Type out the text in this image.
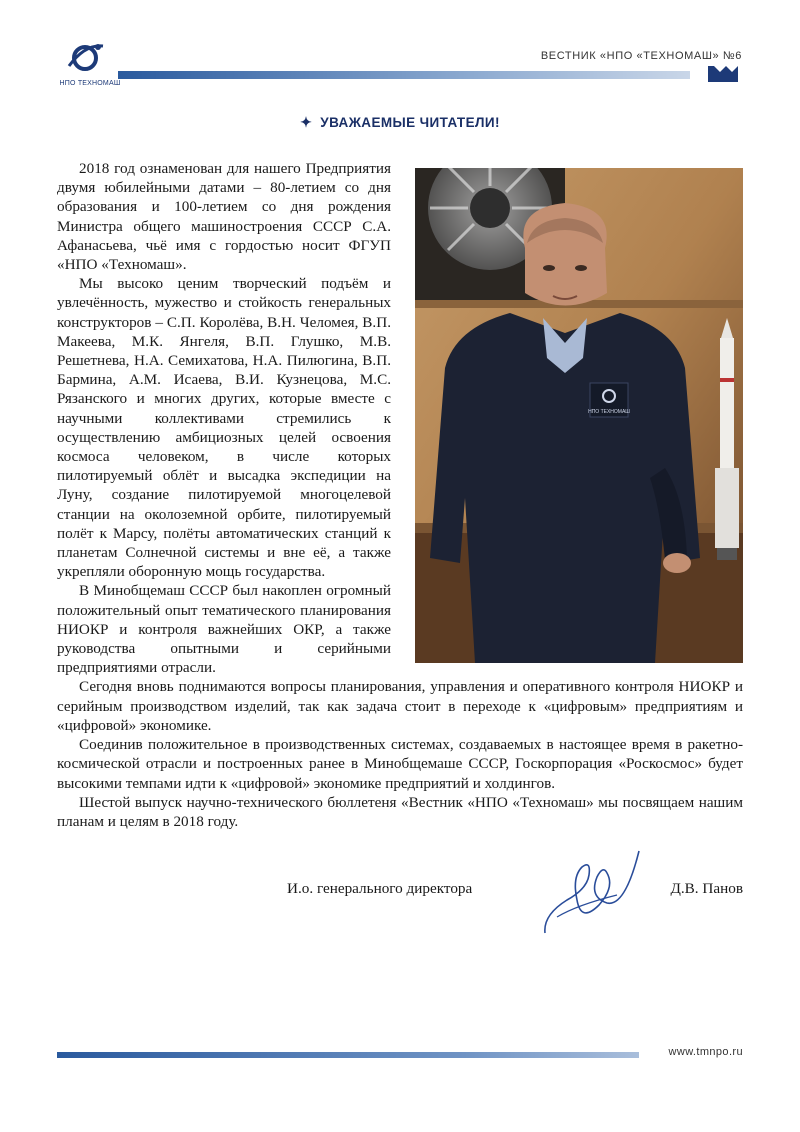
НПО ТЕХНОМАШ
ВЕСТНИК «НПО «ТЕХНОМАШ» №6
✦ УВАЖАЕМЫЕ ЧИТАТЕЛИ!
НПО ТЕХНОМАШ

2018 год ознаменован для нашего Предприятия двумя юбилейными датами – 80-летием со дня образования и 100-летием со дня рождения Министра общего машиностроения СССР С.А. Афанасьева, чьё имя с гордостью носит ФГУП «НПО «Техномаш».

Мы высоко ценим творческий подъём и увлечённость, мужество и стойкость генеральных конструкторов – С.П. Королёва, В.Н. Челомея, В.П. Макеева, М.К. Янгеля, В.П. Глушко, М.В. Решетнева, Н.А. Семихатова, Н.А. Пилюгина, В.П. Бармина, А.М. Исаева, В.И. Кузнецова, М.С. Рязанского и многих других, которые вместе с научными коллективами стремились к осуществлению амбициозных целей освоения космоса человеком, в числе которых пилотируемый облёт и высадка экспедиции на Луну, создание пилотируемой многоцелевой станции на околоземной орбите, пилотируемый полёт к Марсу, полёты автоматических станций к планетам Солнечной системы и вне её, а также укрепляли оборонную мощь государства.

В Минобщемаш СССР был накоплен огромный положительный опыт тематического планирования НИОКР и контроля важнейших ОКР, а также руководства опытными и серийными предприятиями отрасли.

Сегодня вновь поднимаются вопросы планирования, управления и оперативного контроля НИОКР и серийным производством изделий, так как задача стоит в переходе к «цифровым» предприятиям и «цифровой» экономике.

Соединив положительное в производственных системах, создаваемых в настоящее время в ракетно-космической отрасли и построенных ранее в Минобщемаше СССР, Госкорпорация «Роскосмос» будет высокими темпами идти к «цифровой» экономике предприятий и холдингов.

Шестой выпуск научно-технического бюллетеня «Вестник «НПО «Техномаш» мы посвящаем нашим планам и целям в 2018 году.

И.о. генерального директора	Д.В. Панов
www.tmnpo.ru
